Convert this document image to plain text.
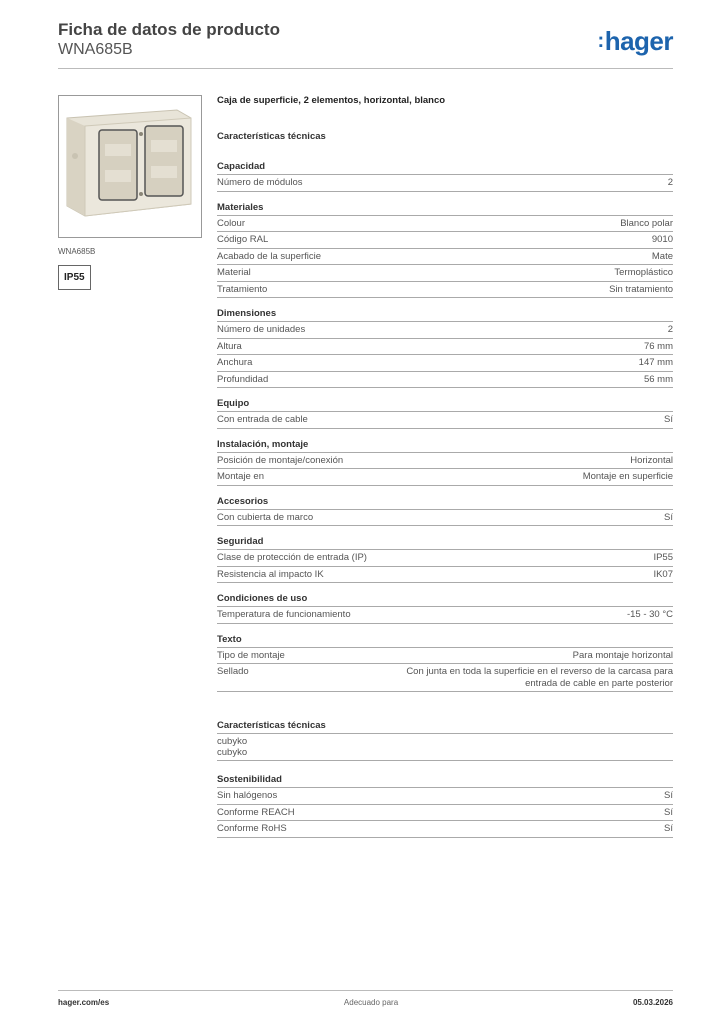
Ficha de datos de producto
WNA685B	:hager
WNA685B
IP55
Caja de superficie, 2 elementos, horizontal, blanco
Características técnicas
Capacidad
Número de módulos	2
Materiales
Colour	Blanco polar
Código RAL	9010
Acabado de la superficie	Mate
Material	Termoplástico
Tratamiento	Sin tratamiento
Dimensiones
Número de unidades	2
Altura	76 mm
Anchura	147 mm
Profundidad	56 mm
Equipo
Con entrada de cable	Sí
Instalación, montaje
Posición de montaje/conexión	Horizontal
Montaje en	Montaje en superficie
Accesorios
Con cubierta de marco	Sí
Seguridad
Clase de protección de entrada (IP)	IP55
Resistencia al impacto IK	IK07
Condiciones de uso
Temperatura de funcionamiento	-15 - 30 °C
Texto
Tipo de montaje	Para montaje horizontal
Sellado	Con junta en toda la superficie en el reverso de la carcasa para entrada de cable en parte posterior
Características técnicas
cubyko
cubyko
Sostenibilidad
Sin halógenos	Sí
Conforme REACH	Sí
Conforme RoHS	Sí
hager.com/es	Adecuado para	05.03.2026
